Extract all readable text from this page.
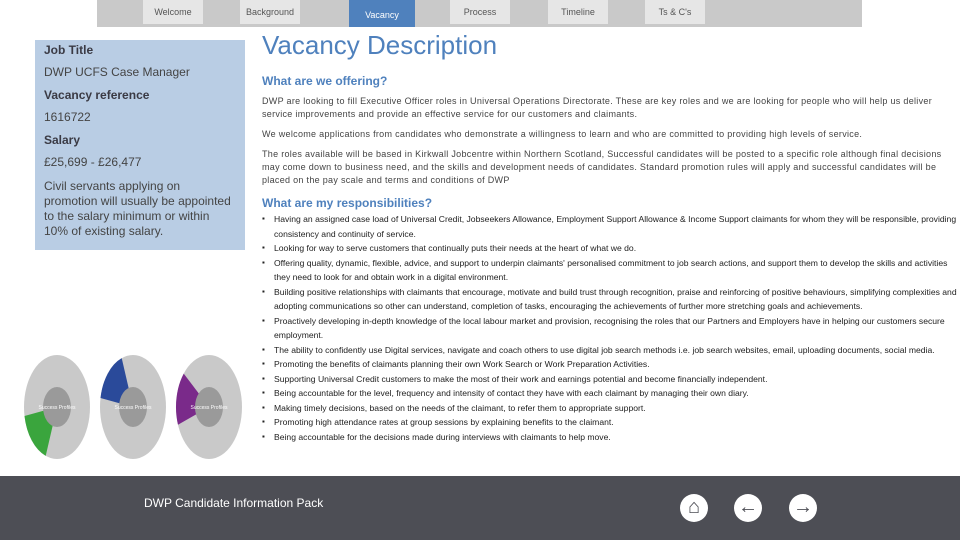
Welcome	Background	Vacancy	Process	Timeline	Ts & C's
Job Title
DWP UCFS Case Manager
Vacancy reference
1616722
Salary
£25,699 - £26,477
Civil servants applying on promotion will usually be appointed to the salary minimum or within 10% of existing salary.
Success Profiles	Success Profiles	Success Profiles
Vacancy Description
What are we offering?
DWP are looking to fill Executive Officer roles in Universal Operations Directorate. These are key roles and we are looking for people who will help us deliver service improvements and provide an effective service for our customers and claimants.
We welcome applications from candidates who demonstrate a willingness to learn and who are committed to providing high levels of service.
The roles available will be based in Kirkwall Jobcentre within Northern Scotland, Successful candidates will be posted to a specific role although final decisions may come down to business need, and the skills and development needs of candidates. Standard promotion rules will apply and successful candidates will be placed on the pay scale and terms and conditions of DWP
What are my responsibilities?
▪ Having an assigned case load of Universal Credit, Jobseekers Allowance, Employment Support Allowance & Income Support claimants for whom they will be responsible, providing consistency and continuity of service.
▪ Looking for way to serve customers that continually puts their needs at the heart of what we do.
▪ Offering quality, dynamic, flexible, advice, and support to underpin claimants' personalised commitment to job search actions, and support them to develop the skills and activities they need to look for and obtain work in a digital environment.
▪ Building positive relationships with claimants that encourage, motivate and build trust through recognition, praise and reinforcing of positive behaviours, simplifying complexities and adopting communications so other can understand, completion of tasks, encouraging the achievements of further more stretching goals and achievements.
▪ Proactively developing in-depth knowledge of the local labour market and provision, recognising the roles that our Partners and Employers have in helping our customers secure employment.
▪ The ability to confidently use Digital services, navigate and coach others to use digital job search methods i.e. job search websites, email, uploading documents, social media.
▪ Promoting the benefits of claimants planning their own Work Search or Work Preparation Activities.
▪ Supporting Universal Credit customers to make the most of their work and earnings potential and become financially independent.
▪ Being accountable for the level, frequency and intensity of contact they have with each claimant by managing their own diary.
▪ Making timely decisions, based on the needs of the claimant, to refer them to appropriate support.
▪ Promoting high attendance rates at group sessions by explaining benefits to the claimant.
▪ Being accountable for the decisions made during interviews with claimants to help move.
DWP Candidate Information Pack	⌂	← →
